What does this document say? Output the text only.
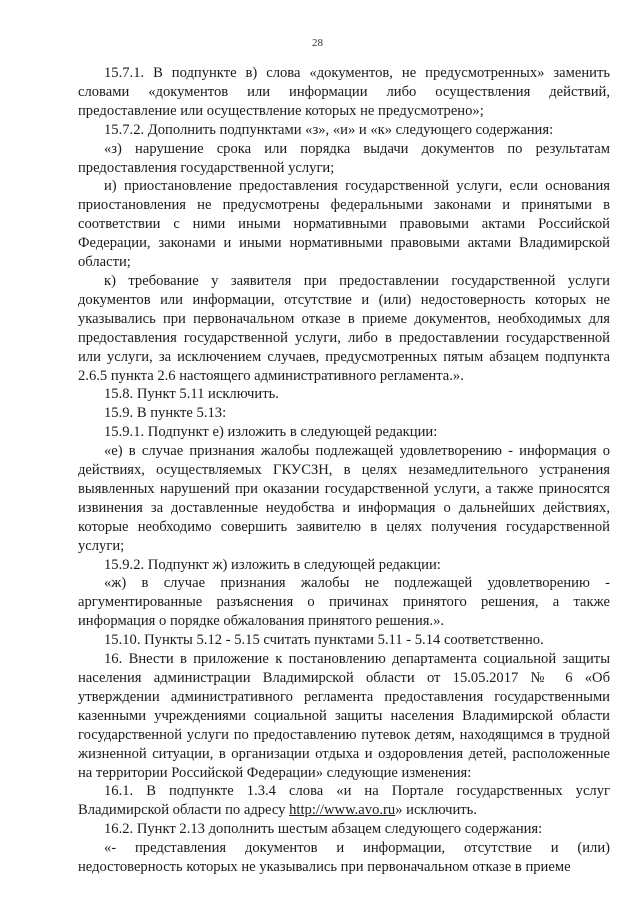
28

15.7.1. В подпункте в) слова «документов, не предусмотренных» заменить словами «документов или информации либо осуществления действий, предоставление или осуществление которых не предусмотрено»;

15.7.2. Дополнить подпунктами «з», «и» и «к» следующего содержания:

«з) нарушение срока или порядка выдачи документов по результатам предоставления государственной услуги;

и) приостановление предоставления государственной услуги, если основания приостановления не предусмотрены федеральными законами и принятыми в соответствии с ними иными нормативными правовыми актами Российской Федерации, законами и иными нормативными правовыми актами Владимирской области;

к) требование у заявителя при предоставлении государственной услуги документов или информации, отсутствие и (или) недостоверность которых не указывались при первоначальном отказе в приеме документов, необходимых для предоставления государственной услуги, либо в предоставлении государственной или услуги, за исключением случаев, предусмотренных пятым абзацем подпункта 2.6.5 пункта 2.6 настоящего административного регламента.».

15.8. Пункт 5.11 исключить.

15.9. В пункте 5.13:

15.9.1. Подпункт е) изложить в следующей редакции:

«е) в случае признания жалобы подлежащей удовлетворению - информация о действиях, осуществляемых ГКУСЗН, в целях незамедлительного устранения выявленных нарушений при оказании государственной услуги, а также приносятся извинения за доставленные неудобства и информация о дальнейших действиях, которые необходимо совершить заявителю в целях получения государственной услуги;

15.9.2. Подпункт ж) изложить в следующей редакции:

«ж) в случае признания жалобы не подлежащей удовлетворению - аргументированные разъяснения о причинах принятого решения, а также информация о порядке обжалования принятого решения.».

15.10. Пункты 5.12 - 5.15 считать пунктами 5.11 - 5.14 соответственно.

16. Внести в приложение к постановлению департамента социальной защиты населения администрации Владимирской области от 15.05.2017 № 6 «Об утверждении административного регламента предоставления государственными казенными учреждениями социальной защиты населения Владимирской области государственной услуги по предоставлению путевок детям, находящимся в трудной жизненной ситуации, в организации отдыха и оздоровления детей, расположенные на территории Российской Федерации» следующие изменения:

16.1. В подпункте 1.3.4 слова «и на Портале государственных услуг Владимирской области по адресу http://www.avo.ru» исключить.

16.2. Пункт 2.13 дополнить шестым абзацем следующего содержания:

«- представления документов и информации, отсутствие и (или) недостоверность которых не указывались при первоначальном отказе в приеме
